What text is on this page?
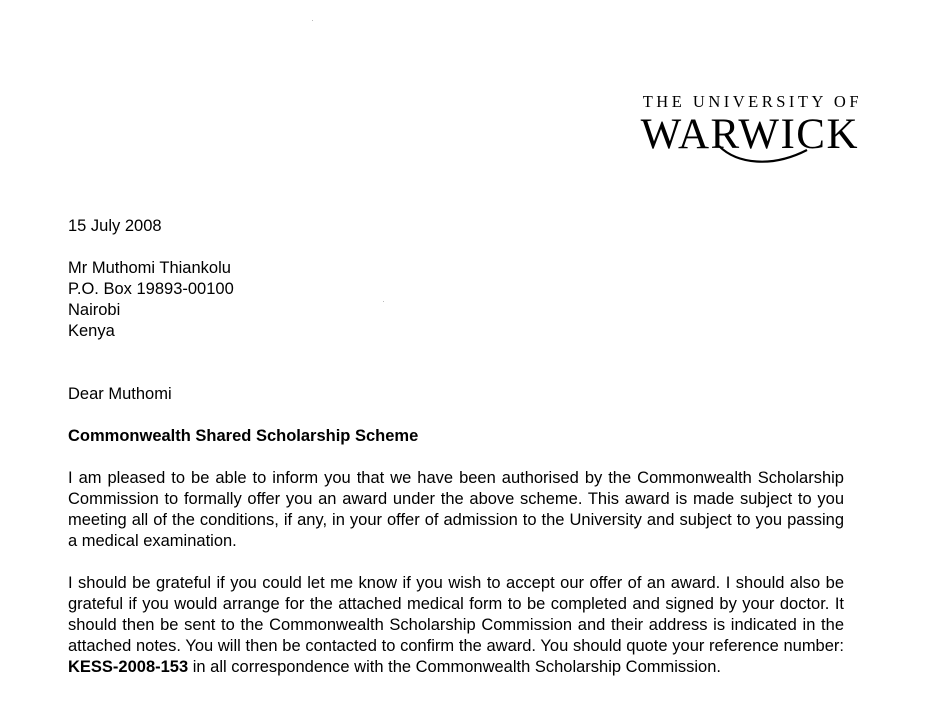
THE UNIVERSITY OF
WARWICK

15 July 2008

Mr Muthomi Thiankolu

P.O. Box 19893-00100

Nairobi

Kenya

Dear Muthomi

Commonwealth Shared Scholarship Scheme

I am pleased to be able to inform you that we have been authorised by the Commonwealth Scholarship Commission to formally offer you an award under the above scheme. This award is made subject to you meeting all of the conditions, if any, in your offer of admission to the University and subject to you passing a medical examination.

I should be grateful if you could let me know if you wish to accept our offer of an award. I should also be grateful if you would arrange for the attached medical form to be completed and signed by your doctor. It should then be sent to the Commonwealth Scholarship Commission and their address is indicated in the attached notes. You will then be contacted to confirm the award. You should quote your reference number: KESS-2008-153 in all correspondence with the Commonwealth Scholarship Commission.
